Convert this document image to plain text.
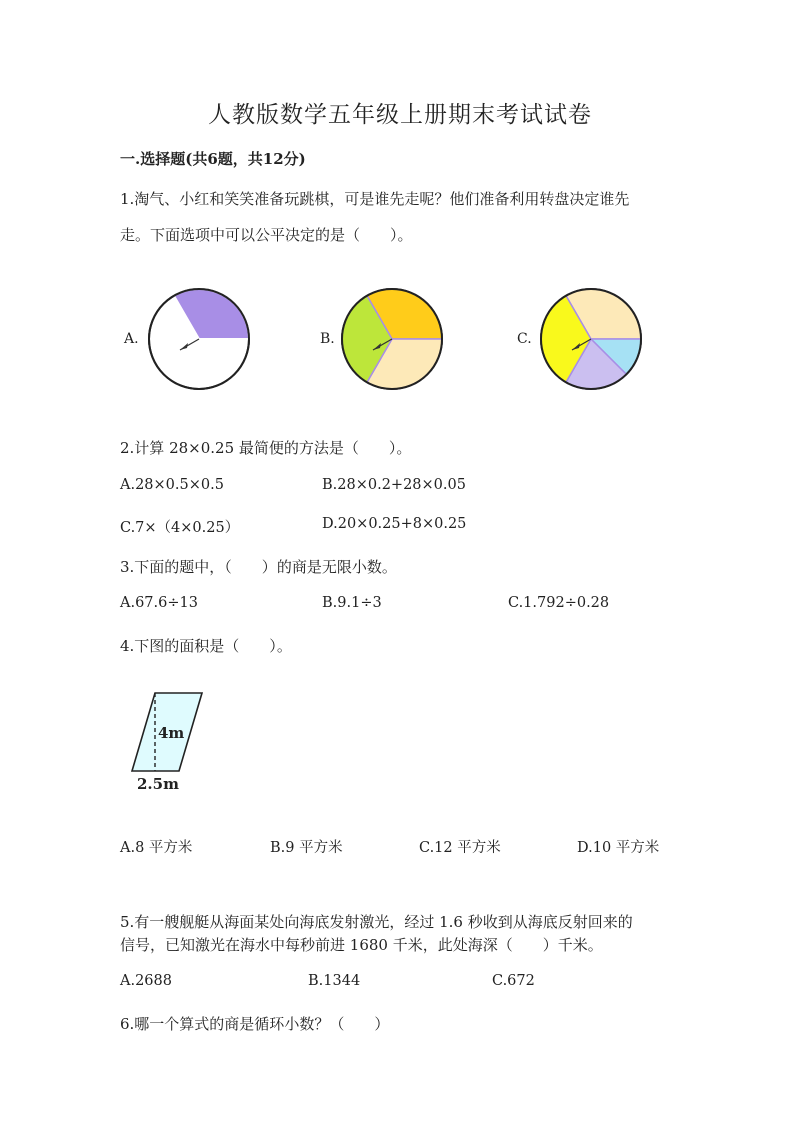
人教版数学五年级上册期末考试试卷
一.选择题(共6题，共12分)
1.淘气、小红和笑笑准备玩跳棋，可是谁先走呢？他们准备利用转盘决定谁先
走。下面选项中可以公平决定的是（　　）。
A.	B.	C.
2.计算 28×0.25 最简便的方法是（　　）。
A.28×0.5×0.5	B.28×0.2+28×0.05
C.7×（4×0.25）	D.20×0.25+8×0.25
3.下面的题中，（　　）的商是无限小数。
A.67.6÷13	B.9.1÷3	C.1.792÷0.28
4.下图的面积是（　　）。
4m
2.5m
A.8 平方米	B.9 平方米	C.12 平方米	D.10 平方米
5.有一艘舰艇从海面某处向海底发射激光，经过 1.6 秒收到从海底反射回来的
信号，已知激光在海水中每秒前进 1680 千米，此处海深（　　）千米。
A.2688	B.1344	C.672
6.哪一个算式的商是循环小数？（　　）
